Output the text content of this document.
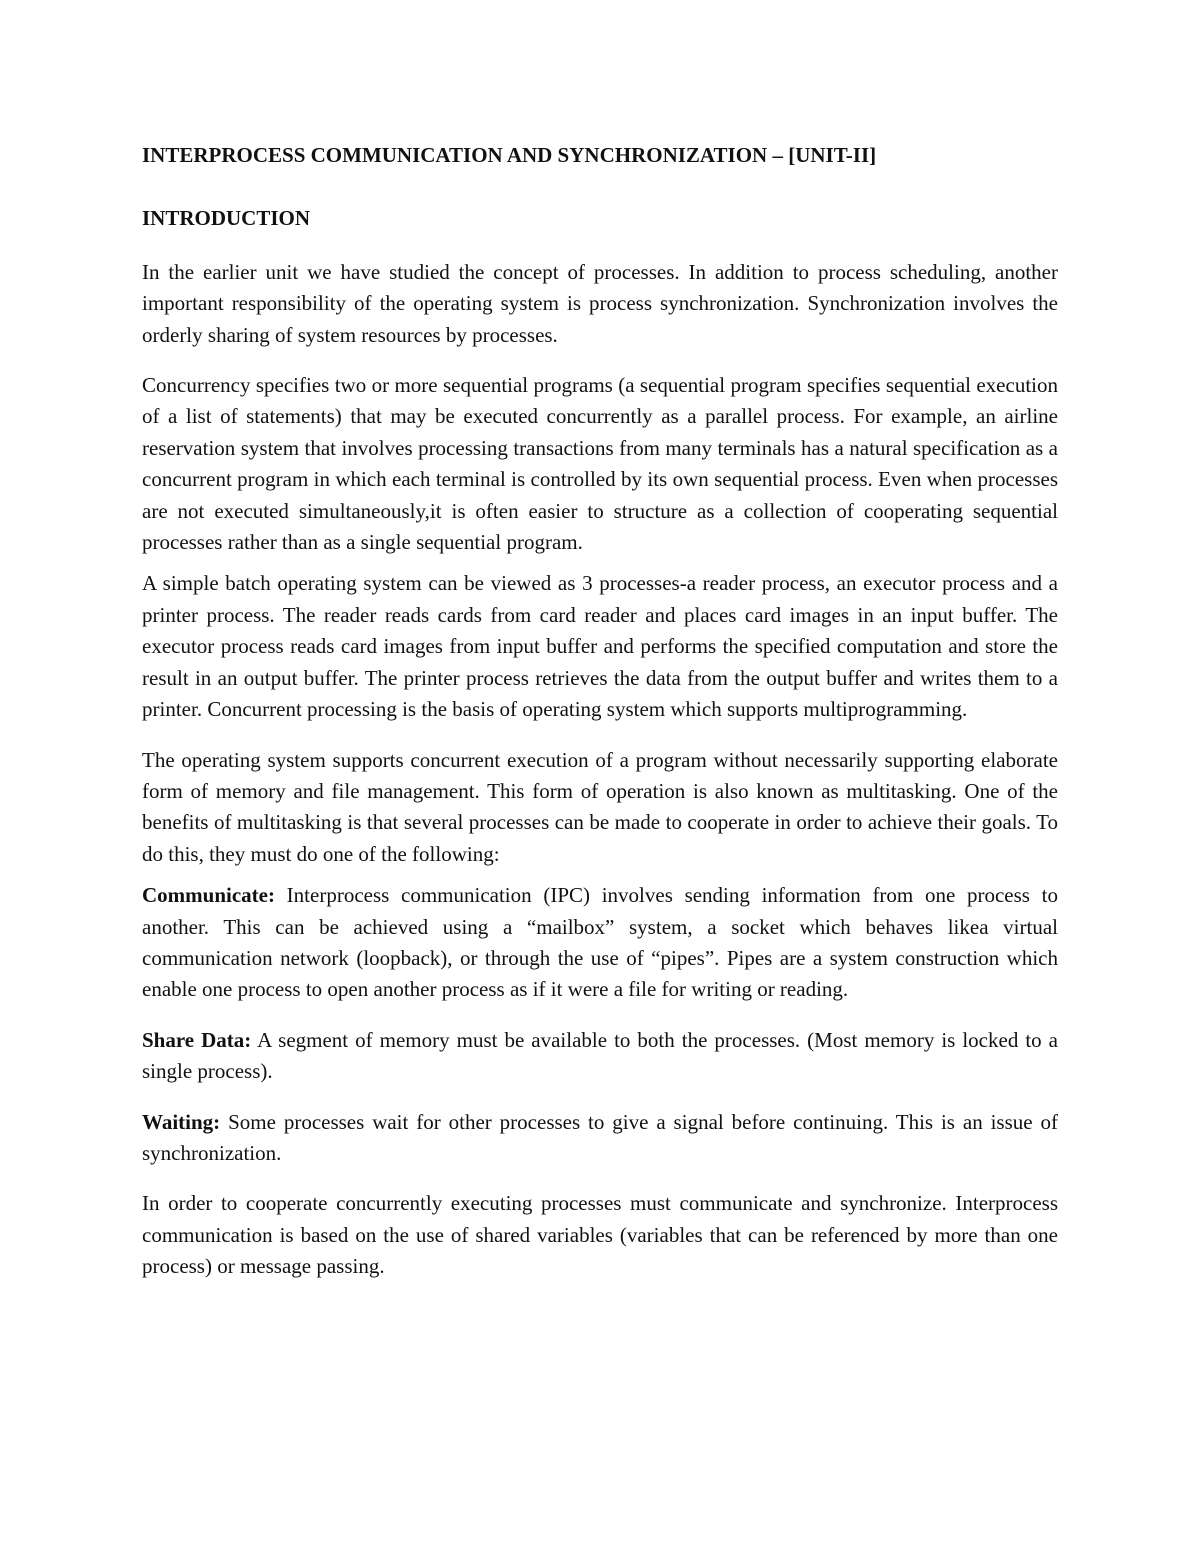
INTERPROCESS COMMUNICATION AND SYNCHRONIZATION – [UNIT-II]
INTRODUCTION

In the earlier unit we have studied the concept of processes. In addition to process scheduling, another important responsibility of the operating system is process synchronization. Synchronization involves the orderly sharing of system resources by processes.

Concurrency specifies two or more sequential programs (a sequential program specifies sequential execution of a list of statements) that may be executed concurrently as a parallel process. For example, an airline reservation system that involves processing transactions from many terminals has a natural specification as a concurrent program in which each terminal is controlled by its own sequential process. Even when processes are not executed simultaneously,it is often easier to structure as a collection of cooperating sequential processes rather than as a single sequential program.

A simple batch operating system can be viewed as 3 processes-a reader process, an executor process and a printer process. The reader reads cards from card reader and places card images in an input buffer. The executor process reads card images from input buffer and performs the specified computation and store the result in an output buffer. The printer process retrieves the data from the output buffer and writes them to a printer. Concurrent processing is the basis of operating system which supports multiprogramming.

The operating system supports concurrent execution of a program without necessarily supporting elaborate form of memory and file management. This form of operation is also known as multitasking. One of the benefits of multitasking is that several processes can be made to cooperate in order to achieve their goals. To do this, they must do one of the following:

Communicate: Interprocess communication (IPC) involves sending information from one process to another. This can be achieved using a “mailbox” system, a socket which behaves likea virtual communication network (loopback), or through the use of “pipes”. Pipes are a system construction which enable one process to open another process as if it were a file for writing or reading.

Share Data: A segment of memory must be available to both the processes. (Most memory is locked to a single process).

Waiting: Some processes wait for other processes to give a signal before continuing. This is an issue of synchronization.

In order to cooperate concurrently executing processes must communicate and synchronize. Interprocess communication is based on the use of shared variables (variables that can be referenced by more than one process) or message passing.
